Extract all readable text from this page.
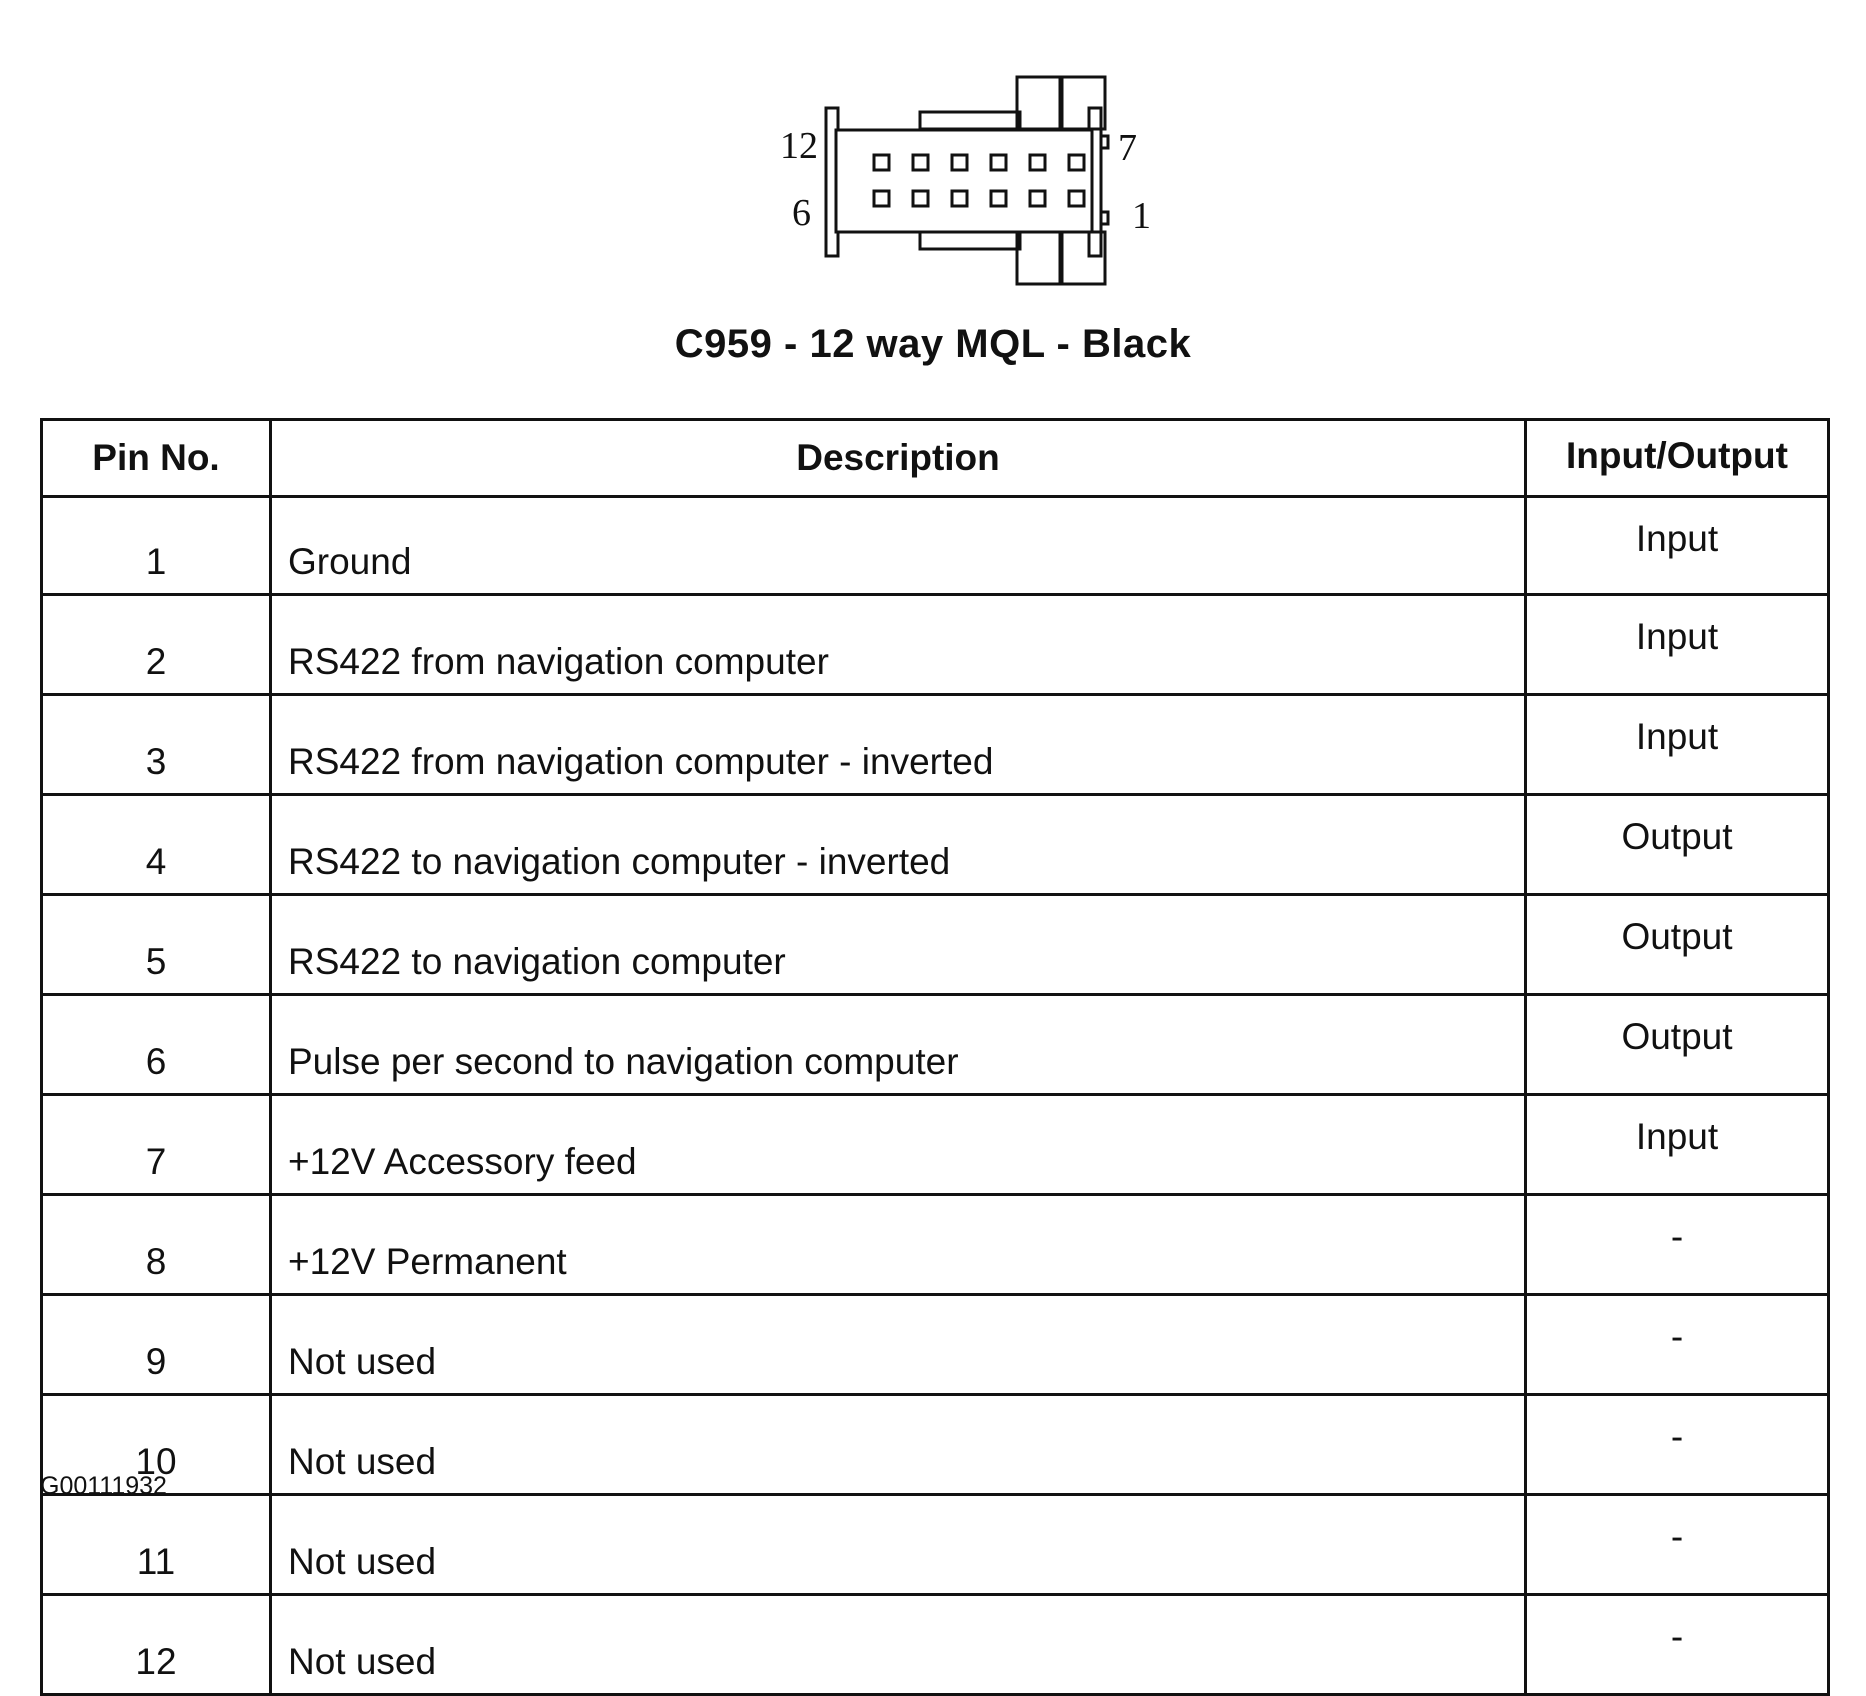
12
6
7
1
C959 - 12 way MQL - Black
Pin No.	Description	Input/Output
1	Ground	Input
2	RS422 from navigation computer	Input
3	RS422 from navigation computer - inverted	Input
4	RS422 to navigation computer - inverted	Output
5	RS422 to navigation computer	Output
6	Pulse per second to navigation computer	Output
7	+12V Accessory feed	Input
8	+12V Permanent	-
9	Not used	-
10	Not used	-
11	Not used	-
12	Not used	-
G00111932
